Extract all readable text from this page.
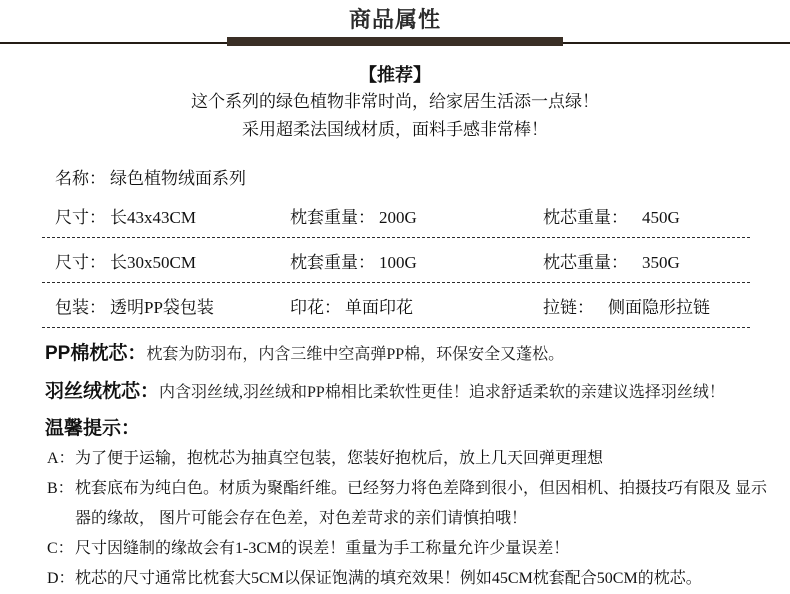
商品属性
【推荐】
这个系列的绿色植物非常时尚，给家居生活添一点绿！
采用超柔法国绒材质，面料手感非常棒！
名称： 绿色植物绒面系列
尺寸： 长43x43CM	枕套重量： 200G	枕芯重量： 450G
尺寸： 长30x50CM	枕套重量： 100G	枕芯重量： 350G
包装： 透明PP袋包装	印花： 单面印花	拉链： 侧面隐形拉链
PP棉枕芯：枕套为防羽布，内含三维中空高弹PP棉，环保安全又蓬松。
羽丝绒枕芯：内含羽丝绒,羽丝绒和PP棉相比柔软性更佳！追求舒适柔软的亲建议选择羽丝绒！
温馨提示：
A： 为了便于运输，抱枕芯为抽真空包装，您装好抱枕后，放上几天回弹更理想
B： 枕套底布为纯白色。材质为聚酯纤维。已经努力将色差降到很小，但因相机、拍摄技巧有限及 显示器的缘故， 图片可能会存在色差，对色差苛求的亲们请慎拍哦！
C： 尺寸因缝制的缘故会有1-3CM的误差！重量为手工称量允许少量误差！
D： 枕芯的尺寸通常比枕套大5CM以保证饱满的填充效果！例如45CM枕套配合50CM的枕芯。
